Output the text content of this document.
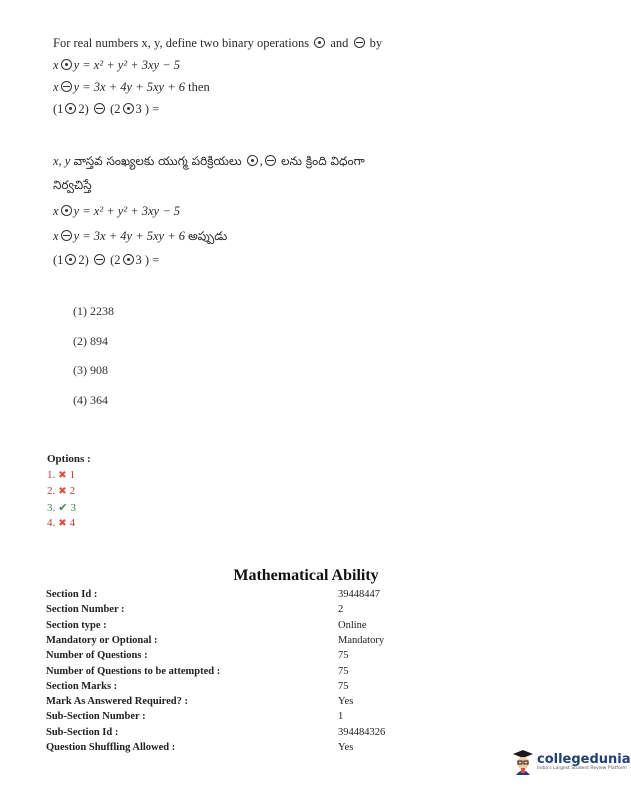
For real numbers x, y, define two binary operations and by
x y = x² + y² + 3xy − 5
x y = 3x + 4y + 5xy + 6 then
(1 2) (2 3 ) =
x, y వాస్తవ సంఖ్యలకు యుగ్మ పరిక్రియలు , లను క్రింది విధంగా
నిర్వచిస్తే
x y = x² + y² + 3xy − 5
x y = 3x + 4y + 5xy + 6 అప్పుడు
(1 2) (2 3 ) =
(1) 2238
(2) 894
(3) 908
(4) 364
Options :
1. ✖ 1
2. ✖ 2
3. ✔ 3
4. ✖ 4
Mathematical Ability
Section Id :	39448447
Section Number :	2
Section type :	Online
Mandatory or Optional :	Mandatory
Number of Questions :	75
Number of Questions to be attempted :	75
Section Marks :	75
Mark As Answered Required? :	Yes
Sub-Section Number :	1
Sub-Section Id :	394484326
Question Shuffling Allowed :	Yes
collegedunia
India's Largest Student Review Platform
